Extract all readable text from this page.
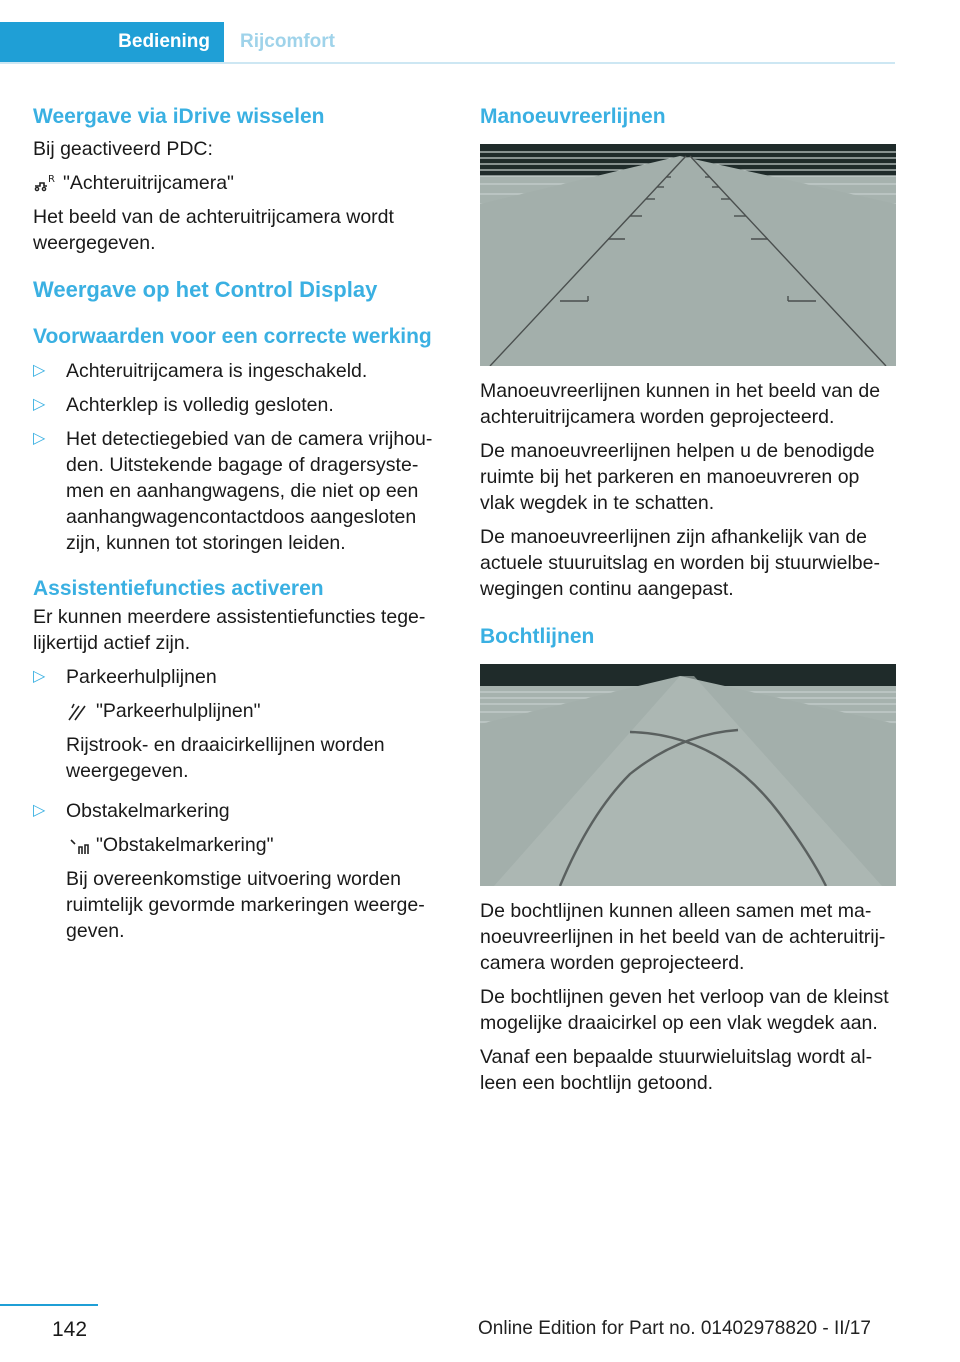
Bediening	Rijcomfort
Weergave via iDrive wisselen

Bij geactiveerd PDC:

R "Achteruitrijcamera"

Het beeld van de achteruitrijcamera wordt weergegeven.

Weergave op het Control Display
Voorwaarden voor een correcte werking
▷ Achteruitrijcamera is ingeschakeld.
▷ Achterklep is volledig gesloten.
▷ Het detectiegebied van de camera vrijhouden. Uitstekende bagage of dragersystemen en aanhangwagens, die niet op een aanhangwagencontactdoos aangesloten zijn, kunnen tot storingen leiden.
Assistentiefuncties activeren

Er kunnen meerdere assistentiefuncties tegelijkertijd actief zijn.

▷ Parkeerhulplijnen
"Parkeerhulplijnen"
Rijstrook- en draaicirkellijnen worden weergegeven.
▷ Obstakelmarkering
"Obstakelmarkering"
Bij overeenkomstige uitvoering worden ruimtelijk gevormde markeringen weergegeven.
Manoeuvreerlijnen

Manoeuvreerlijnen kunnen in het beeld van de achteruitrijcamera worden geprojecteerd.

De manoeuvreerlijnen helpen u de benodigde ruimte bij het parkeren en manoeuvreren op vlak wegdek in te schatten.

De manoeuvreerlijnen zijn afhankelijk van de actuele stuuruitslag en worden bij stuurwielbewegingen continu aangepast.

Bochtlijnen

De bochtlijnen kunnen alleen samen met manoeuvreerlijnen in het beeld van de achteruitrijcamera worden geprojecteerd.

De bochtlijnen geven het verloop van de kleinst mogelijke draaicirkel op een vlak wegdek aan.

Vanaf een bepaalde stuurwieluitslag wordt alleen een bochtlijn getoond.

142	Online Edition for Part no. 01402978820 - II/17
